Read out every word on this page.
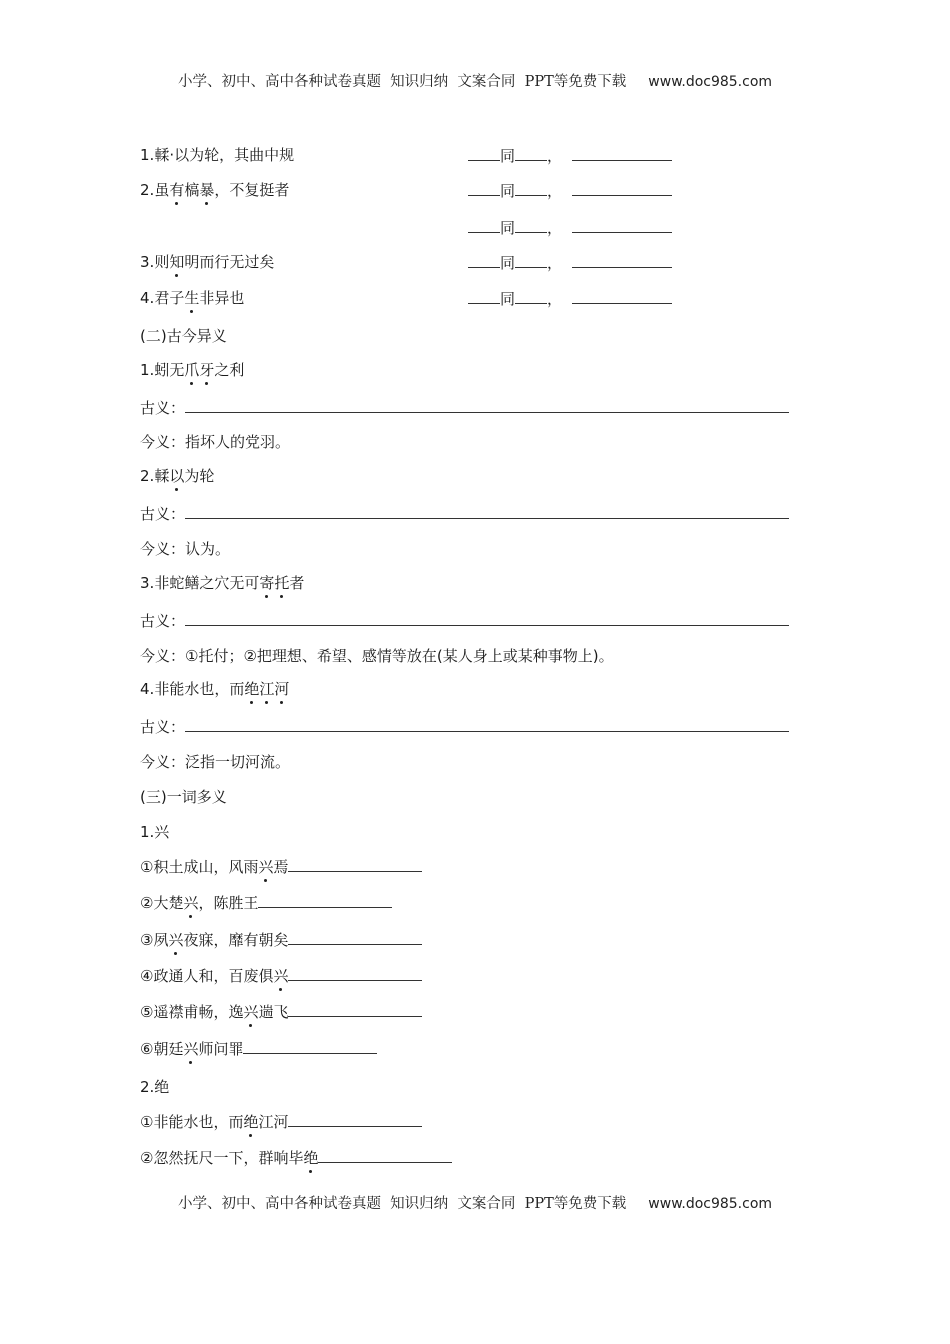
小学、初中、高中各种试卷真题  知识归纳  文案合同  PPT等免费下载 www.doc985.com
1.輮·以为轮，其曲中规	同 ，
2.虽有槁暴，不复挺者	同 ，
同 ，
3.则知明而行无过矣	同 ，
4.君子生非异也	同 ，
(二)古今异义
1.蚓无爪牙之利
古义：
今义：指坏人的党羽。
2.輮以为轮
古义：
今义：认为。
3.非蛇鳝之穴无可寄托者
古义：
今义：①托付；②把理想、希望、感情等放在(某人身上或某种事物上)。
4.非能水也，而绝江河
古义：
今义：泛指一切河流。
(三)一词多义
1.兴
①积土成山，风雨兴焉
②大楚兴，陈胜王
③夙兴夜寐，靡有朝矣
④政通人和，百废俱兴
⑤遥襟甫畅，逸兴遄飞
⑥朝廷兴师问罪
2.绝
①非能水也，而绝江河
②忽然抚尺一下，群响毕绝
小学、初中、高中各种试卷真题  知识归纳  文案合同  PPT等免费下载 www.doc985.com
